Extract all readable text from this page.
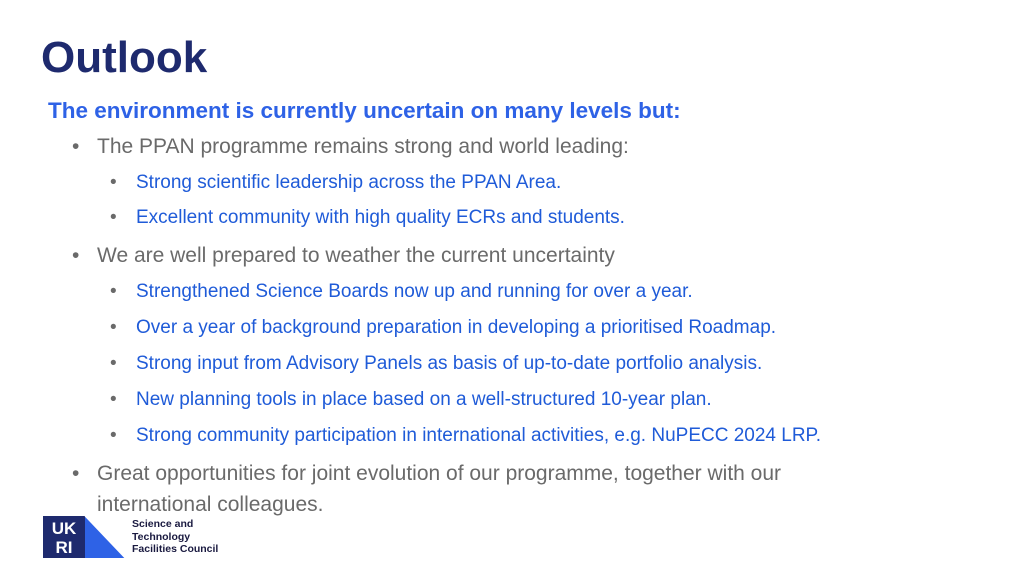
Outlook

The environment is currently uncertain on many levels but:

• The PPAN programme remains strong and world leading:
• Strong scientific leadership across the PPAN Area.
• Excellent community with high quality ECRs and students.
• We are well prepared to weather the current uncertainty
• Strengthened Science Boards now up and running for over a year.
• Over a year of background preparation in developing a prioritised Roadmap.
• Strong input from Advisory Panels as basis of up-to-date portfolio analysis.
• New planning tools in place based on a well-structured 10-year plan.
• Strong community participation in international activities, e.g. NuPECC 2024 LRP.
• Great opportunities for joint evolution of our programme, together with our international colleagues.
UK
RI
Science and
Technology
Facilities Council
